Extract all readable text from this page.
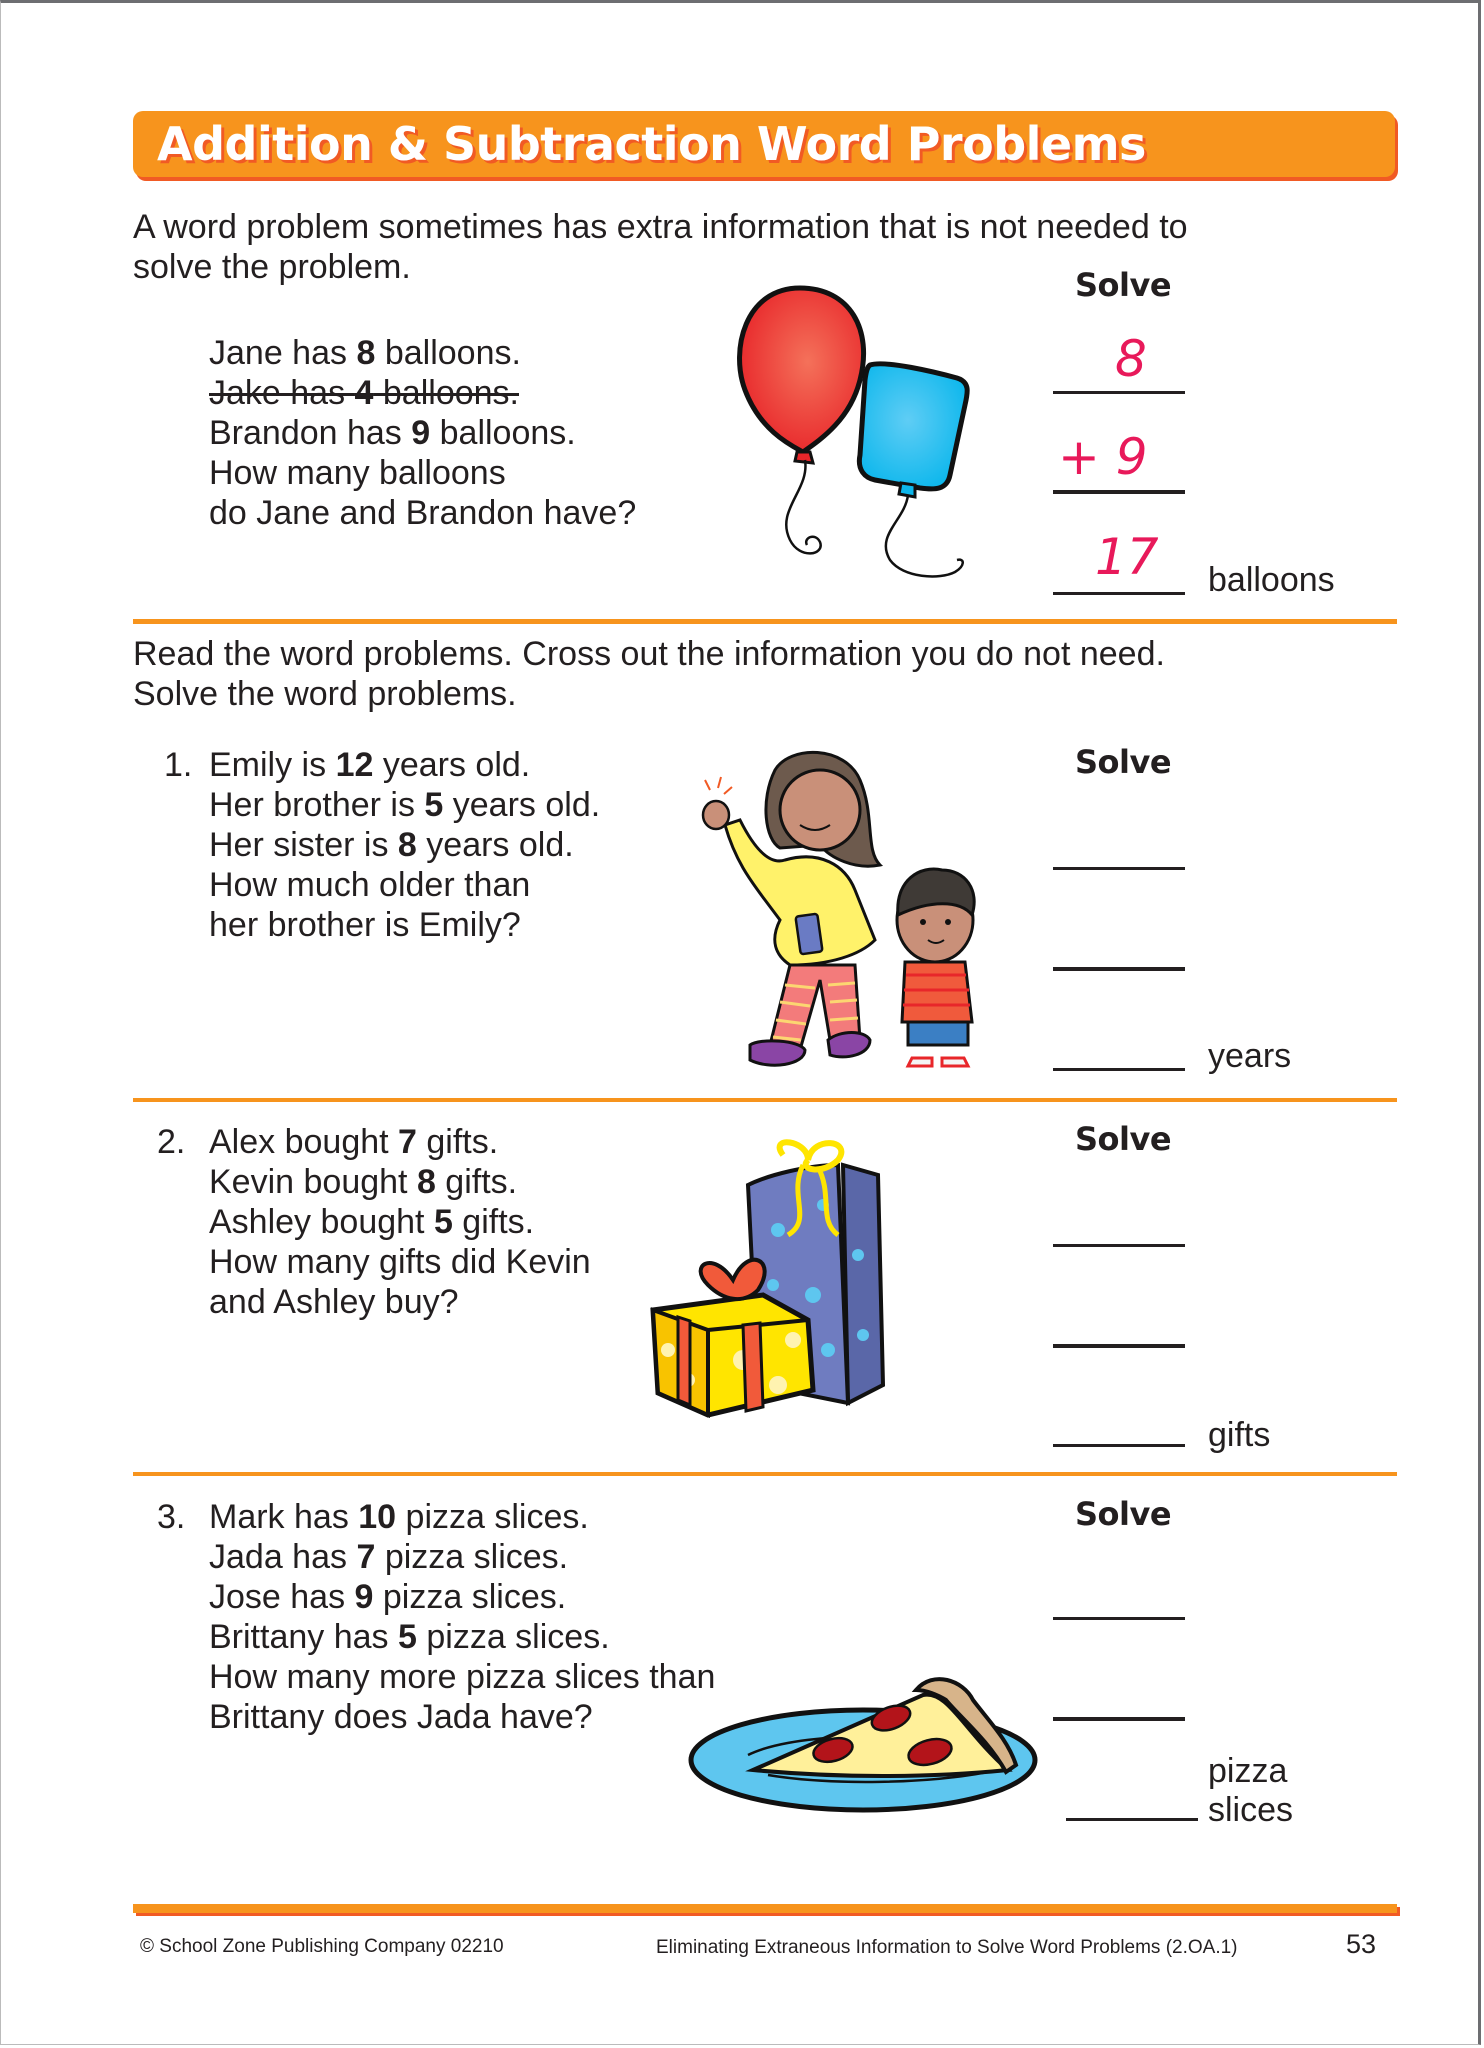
Addition & Subtraction Word Problems
A word problem sometimes has extra information that is not needed to
solve the problem.
Jane has 8 balloons.
Jake has 4 balloons.
Brandon has 9 balloons.
How many balloons
do Jane and Brandon have?
Solve
8
+ 9
17 balloons
Read the word problems. Cross out the information you do not need.
Solve the word problems.
1. Emily is 12 years old.
Her brother is 5 years old.
Her sister is 8 years old.
How much older than
her brother is Emily?
Solve
years
2. Alex bought 7 gifts.
Kevin bought 8 gifts.
Ashley bought 5 gifts.
How many gifts did Kevin
and Ashley buy?
Solve
gifts
3. Mark has 10 pizza slices.
Jada has 7 pizza slices.
Jose has 9 pizza slices.
Brittany has 5 pizza slices.
How many more pizza slices than
Brittany does Jada have?
Solve
pizza
slices
© School Zone Publishing Company 02210	Eliminating Extraneous Information to Solve Word Problems (2.OA.1)	53
